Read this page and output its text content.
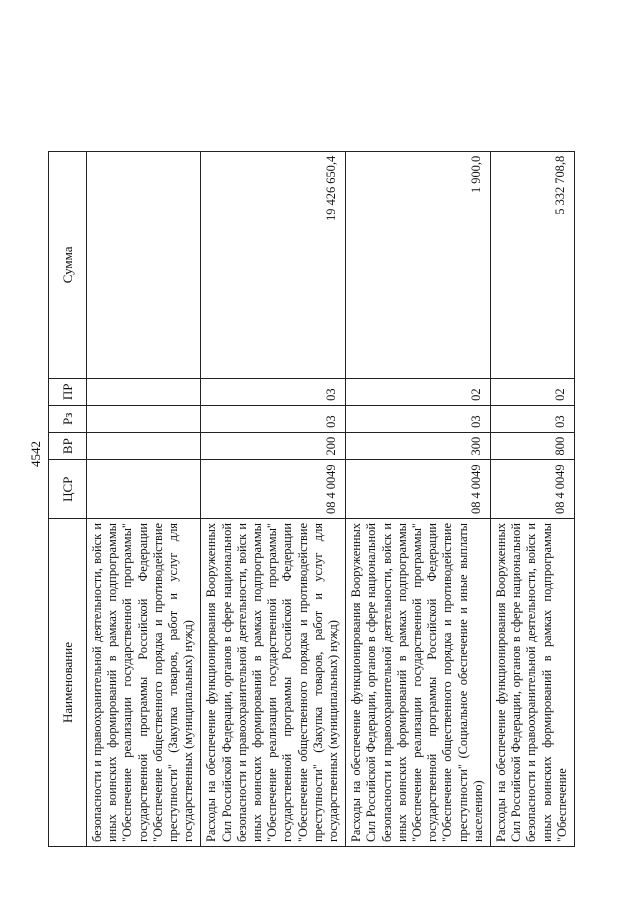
4542
Наименование	ЦСР	ВР	Рз	ПР	Сумма
безопасности и правоохранительной деятельности, войск и иных воинских формирований в рамках подпрограммы "Обеспечение реализации государственной программы" государственной программы Российской Федерации "Обеспечение общественного порядка и противодействие преступности" (Закупка товаров, работ и услуг для государственных (муниципальных) нужд)					
Расходы на обеспечение функционирования Вооруженных Сил Российской Федерации, органов в сфере национальной безопасности и правоохранительной деятельности, войск и иных воинских формирований в рамках подпрограммы "Обеспечение реализации государственной программы" государственной программы Российской Федерации "Обеспечение общественного порядка и противодействие преступности" (Закупка товаров, работ и услуг для государственных (муниципальных) нужд)	08 4 0049	200	03	03	19 426 650,4
Расходы на обеспечение функционирования Вооруженных Сил Российской Федерации, органов в сфере национальной безопасности и правоохранительной деятельности, войск и иных воинских формирований в рамках подпрограммы "Обеспечение реализации государственной программы" государственной программы Российской Федерации "Обеспечение общественного порядка и противодействие преступности" (Социальное обеспечение и иные выплаты населению)	08 4 0049	300	03	02	1 900,0
Расходы на обеспечение функционирования Вооруженных Сил Российской Федерации, органов в сфере национальной безопасности и правоохранительной деятельности, войск и иных воинских формирований в рамках подпрограммы "Обеспечение	08 4 0049	800	03	02	5 332 708,8
